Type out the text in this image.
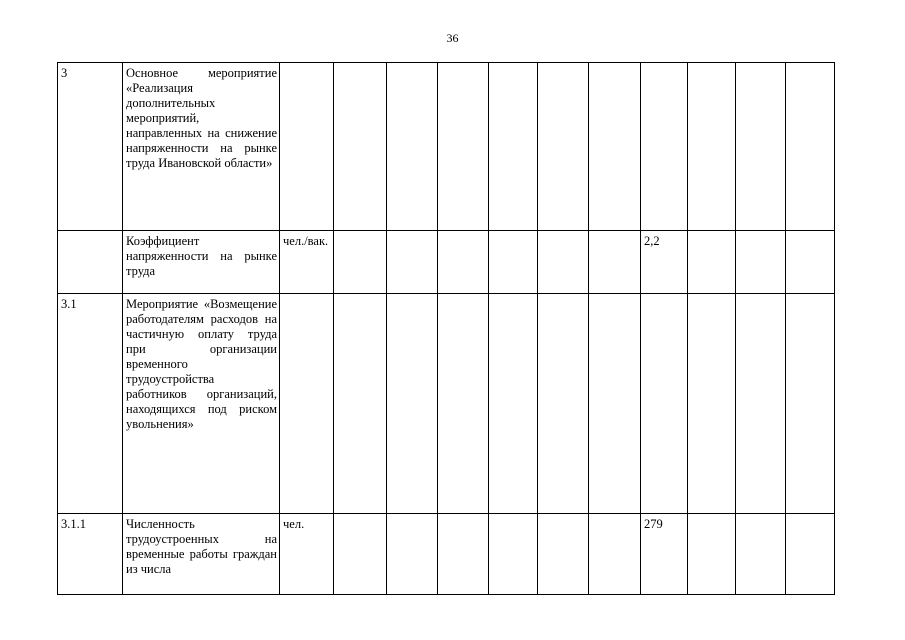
36
3	Основное мероприятие «Реализация дополнительных мероприятий, направленных на снижение напряженности на рынке труда Ивановской области»											

	Коэффициент напряженности на рынке труда	чел./вак.							2,2			
3.1	Мероприятие «Возмещение работодателям расходов на частичную оплату труда при организации временного трудоустройства работников организаций, находящихся под риском увольнения»											

3.1.1	Численность трудоустроенных на временные работы граждан из числа	чел.							279			
